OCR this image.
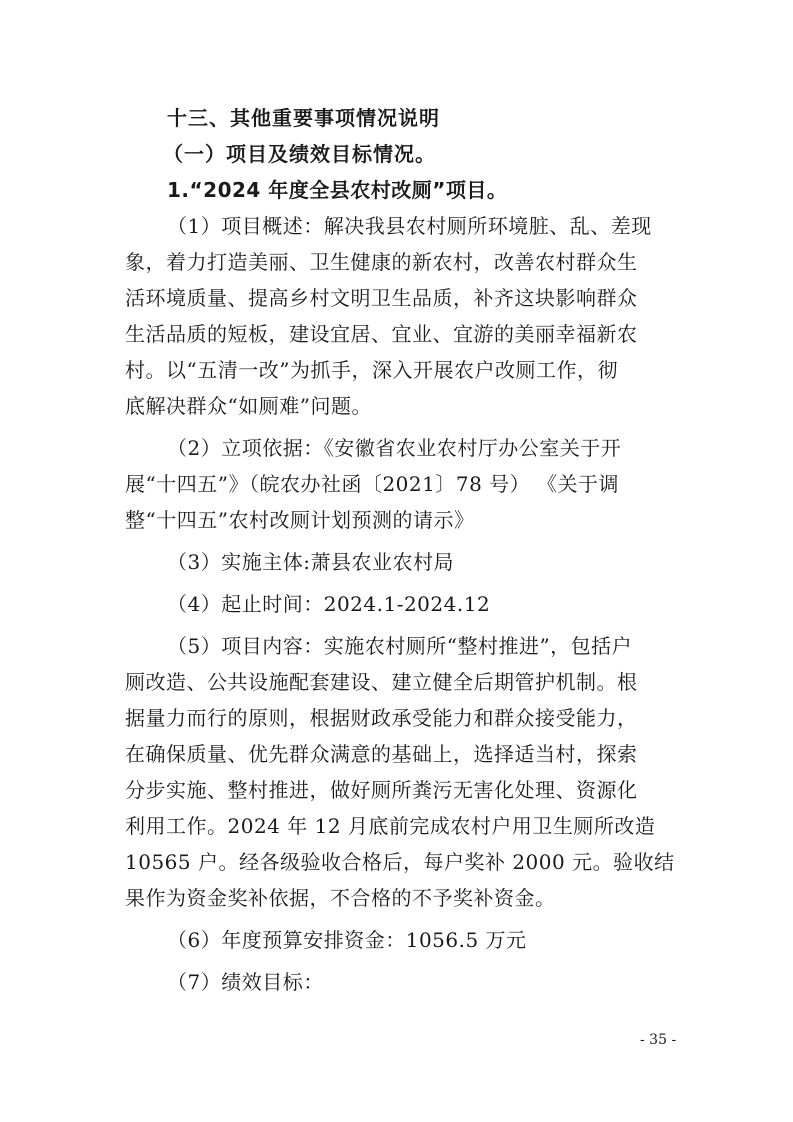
十三、其他重要事项情况说明
（一）项目及绩效目标情况。
1.“2024 年度全县农村改厕”项目。
（1）项目概述：解决我县农村厕所环境脏、乱、差现
象，着力打造美丽、卫生健康的新农村，改善农村群众生
活环境质量、提高乡村文明卫生品质，补齐这块影响群众
生活品质的短板，建设宜居、宜业、宜游的美丽幸福新农
村。以“五清一改”为抓手，深入开展农户改厕工作，彻
底解决群众“如厕难”问题。
（2）立项依据：《安徽省农业农村厅办公室关于开
展“十四五”》（皖农办社函〔2021〕78 号） 《关于调
整“十四五”农村改厕计划预测的请示》
（3）实施主体:萧县农业农村局
（4）起止时间：2024.1-2024.12
（5）项目内容：实施农村厕所“整村推进”，包括户
厕改造、公共设施配套建设、建立健全后期管护机制。根
据量力而行的原则，根据财政承受能力和群众接受能力，
在确保质量、优先群众满意的基础上，选择适当村，探索
分步实施、整村推进，做好厕所粪污无害化处理、资源化
利用工作。2024 年 12 月底前完成农村户用卫生厕所改造
10565 户。经各级验收合格后，每户奖补 2000 元。验收结
果作为资金奖补依据，不合格的不予奖补资金。
（6）年度预算安排资金：1056.5 万元
（7）绩效目标：
- 35 -
